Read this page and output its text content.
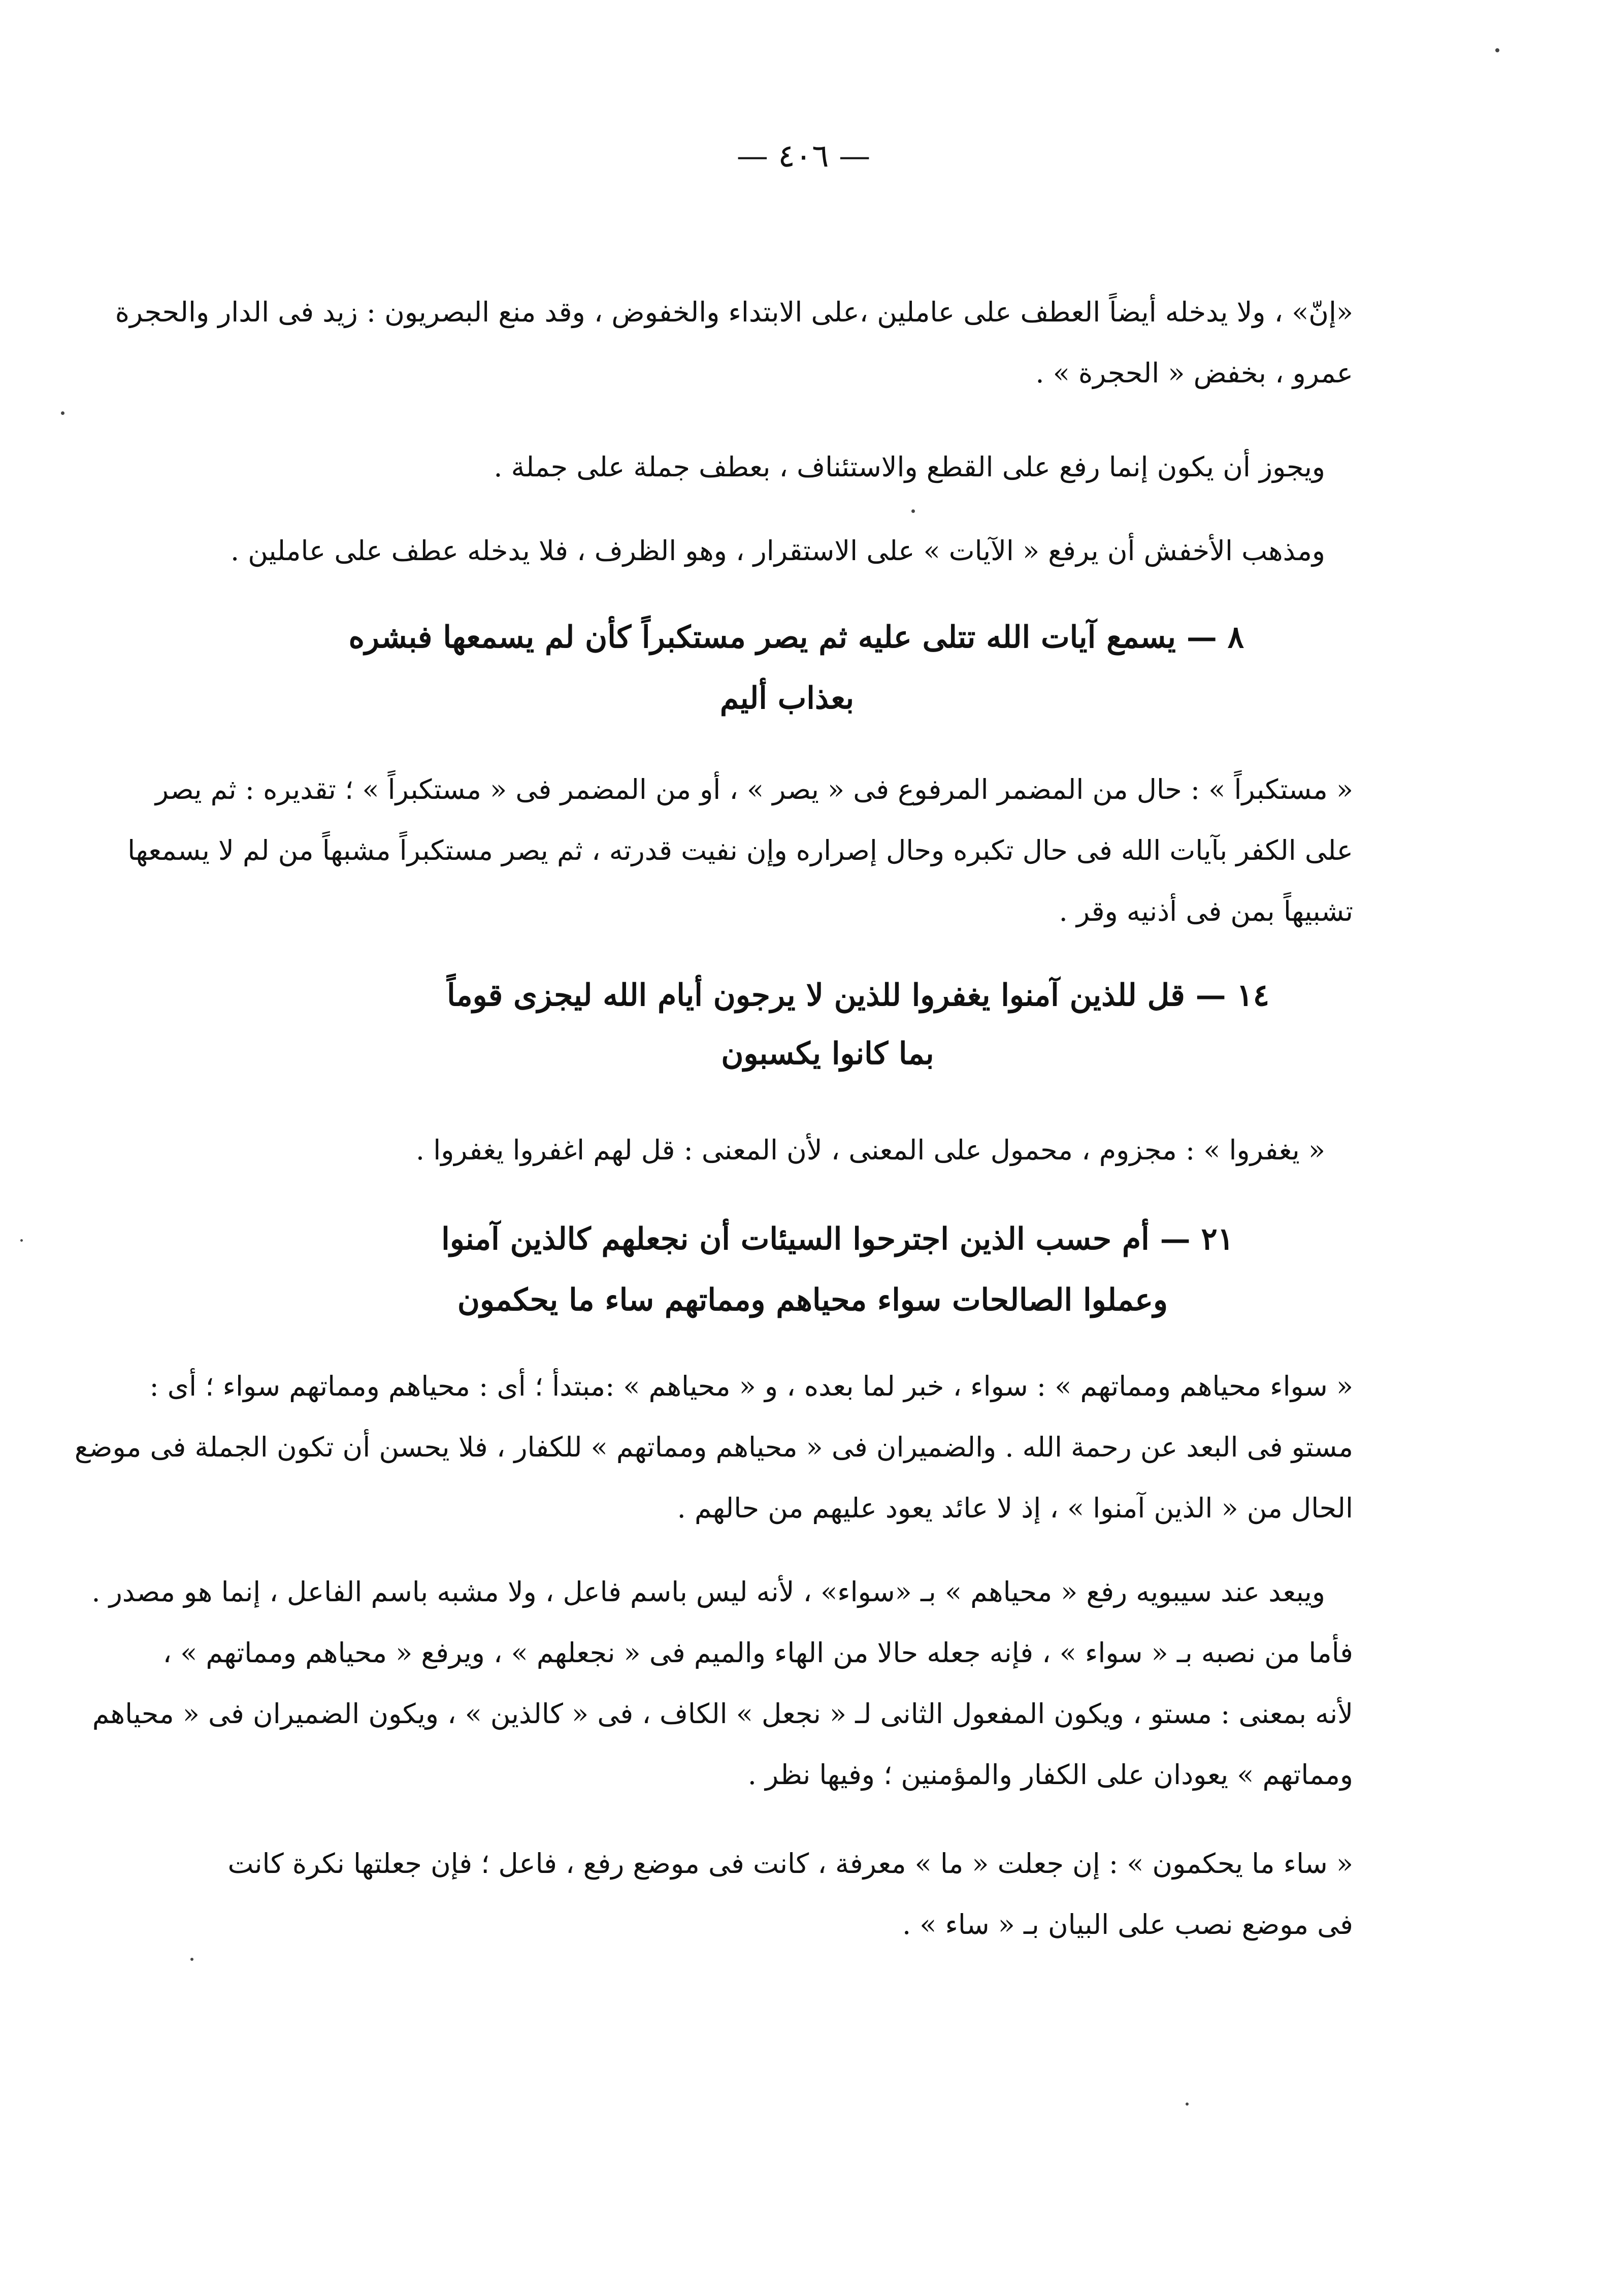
— ٤٠٦ —
«إنّ» ، ولا يدخله أيضاً العطف على عاملين ،على الابتداء والخفوض ، وقد منع البصريون : زيد فى الدار والحجرة
عمرو ، بخفض « الحجرة » .
ويجوز أن يكون إنما رفع على القطع والاستئناف ، بعطف جملة على جملة .
ومذهب الأخفش أن يرفع « الآيات » على الاستقرار ، وهو الظرف ، فلا يدخله عطف على عاملين .
٨ — يسمع آيات الله تتلى عليه ثم يصر مستكبراً كأن لم يسمعها فبشره
بعذاب أليم
« مستكبراً » : حال من المضمر المرفوع فى « يصر » ، أو من المضمر فى « مستكبراً » ؛ تقديره : ثم يصر
على الكفر بآيات الله فى حال تكبره وحال إصراره وإن نفيت قدرته ، ثم يصر مستكبراً مشبهاً من لم لا يسمعها
تشبيهاً بمن فى أذنيه وقر .
١٤ — قل للذين آمنوا يغفروا للذين لا يرجون أيام الله ليجزى قوماً
بما كانوا يكسبون
« يغفروا » : مجزوم ، محمول على المعنى ، لأن المعنى : قل لهم اغفروا يغفروا .
٢١ — أم حسب الذين اجترحوا السيئات أن نجعلهم كالذين آمنوا
وعملوا الصالحات سواء محياهم ومماتهم ساء ما يحكمون
« سواء محياهم ومماتهم » : سواء ، خبر لما بعده ، و « محياهم » :مبتدأ ؛ أى : محياهم ومماتهم سواء ؛ أى :
مستو فى البعد عن رحمة الله . والضميران فى « محياهم ومماتهم » للكفار ، فلا يحسن أن تكون الجملة فى موضع
الحال من « الذين آمنوا » ، إذ لا عائد يعود عليهم من حالهم .
ويبعد عند سيبويه رفع « محياهم » بـ «سواء» ، لأنه ليس باسم فاعل ، ولا مشبه باسم الفاعل ، إنما هو مصدر .
فأما من نصبه بـ « سواء » ، فإنه جعله حالا من الهاء والميم فى « نجعلهم » ، ويرفع « محياهم ومماتهم » ،
لأنه بمعنى : مستو ، ويكون المفعول الثانى لـ « نجعل » الكاف ، فى « كالذين » ، ويكون الضميران فى « محياهم
ومماتهم » يعودان على الكفار والمؤمنين ؛ وفيها نظر .
« ساء ما يحكمون » : إن جعلت « ما » معرفة ، كانت فى موضع رفع ، فاعل ؛ فإن جعلتها نكرة كانت
فى موضع نصب على البيان بـ « ساء » .
